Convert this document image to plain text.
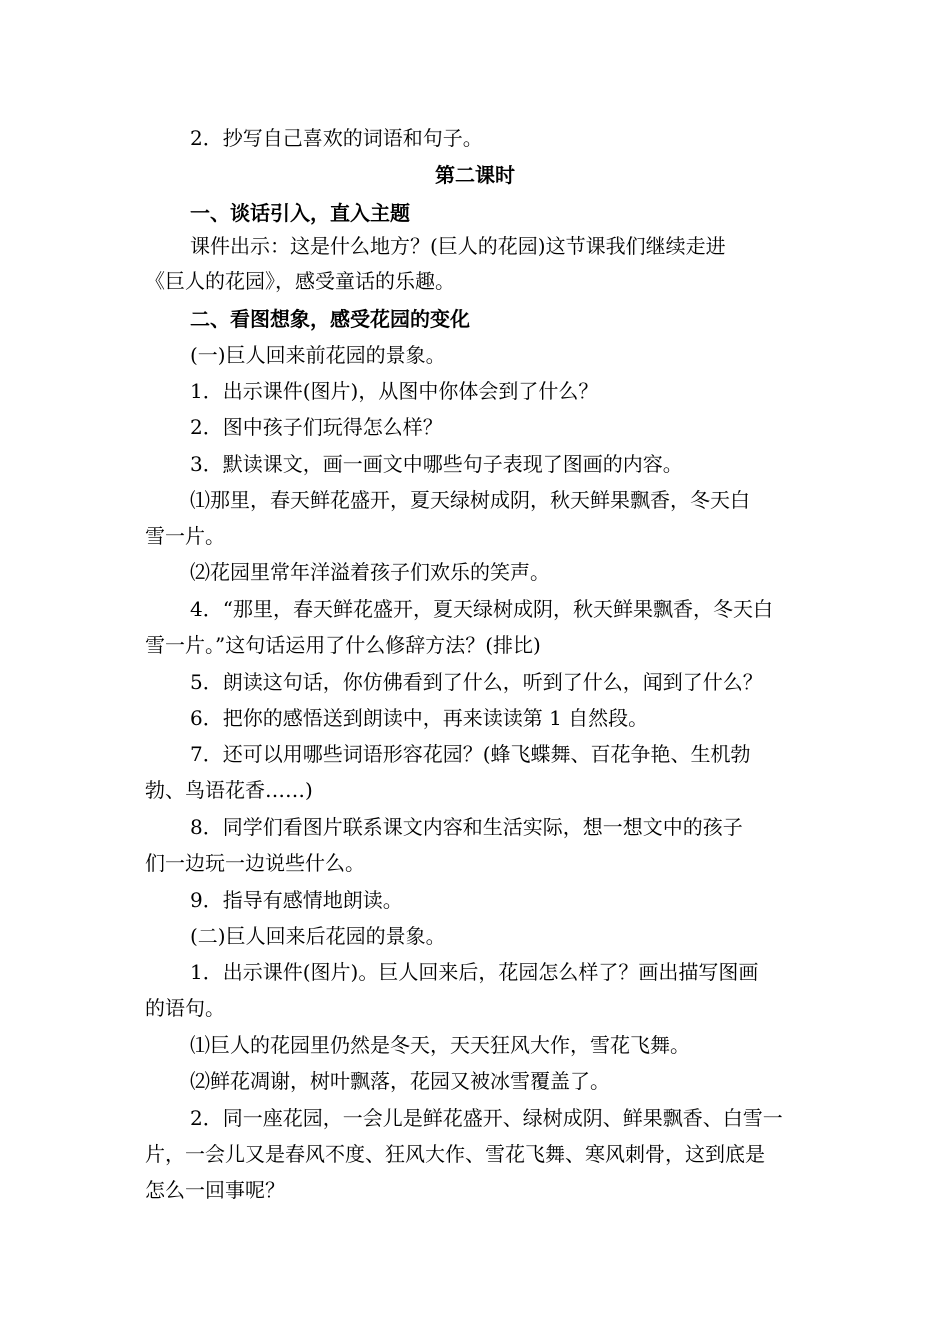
2．抄写自己喜欢的词语和句子。
第二课时
一、谈话引入，直入主题
课件出示：这是什么地方？(巨人的花园)这节课我们继续走进
《巨人的花园》，感受童话的乐趣。
二、看图想象，感受花园的变化
(一)巨人回来前花园的景象。
1．出示课件(图片)，从图中你体会到了什么？
2．图中孩子们玩得怎么样？
3．默读课文，画一画文中哪些句子表现了图画的内容。
⑴那里，春天鲜花盛开，夏天绿树成阴，秋天鲜果飘香，冬天白
雪一片。
⑵花园里常年洋溢着孩子们欢乐的笑声。
4．“那里，春天鲜花盛开，夏天绿树成阴，秋天鲜果飘香，冬天白
雪一片。”这句话运用了什么修辞方法？(排比)
5．朗读这句话，你仿佛看到了什么，听到了什么，闻到了什么？
6．把你的感悟送到朗读中，再来读读第 1 自然段。
7．还可以用哪些词语形容花园？(蜂飞蝶舞、百花争艳、生机勃
勃、鸟语花香……)
8．同学们看图片联系课文内容和生活实际，想一想文中的孩子
们一边玩一边说些什么。
9．指导有感情地朗读。
(二)巨人回来后花园的景象。
1．出示课件(图片)。巨人回来后，花园怎么样了？画出描写图画
的语句。
⑴巨人的花园里仍然是冬天，天天狂风大作，雪花飞舞。
⑵鲜花凋谢，树叶飘落，花园又被冰雪覆盖了。
2．同一座花园，一会儿是鲜花盛开、绿树成阴、鲜果飘香、白雪一
片，一会儿又是春风不度、狂风大作、雪花飞舞、寒风刺骨，这到底是
怎么一回事呢？
